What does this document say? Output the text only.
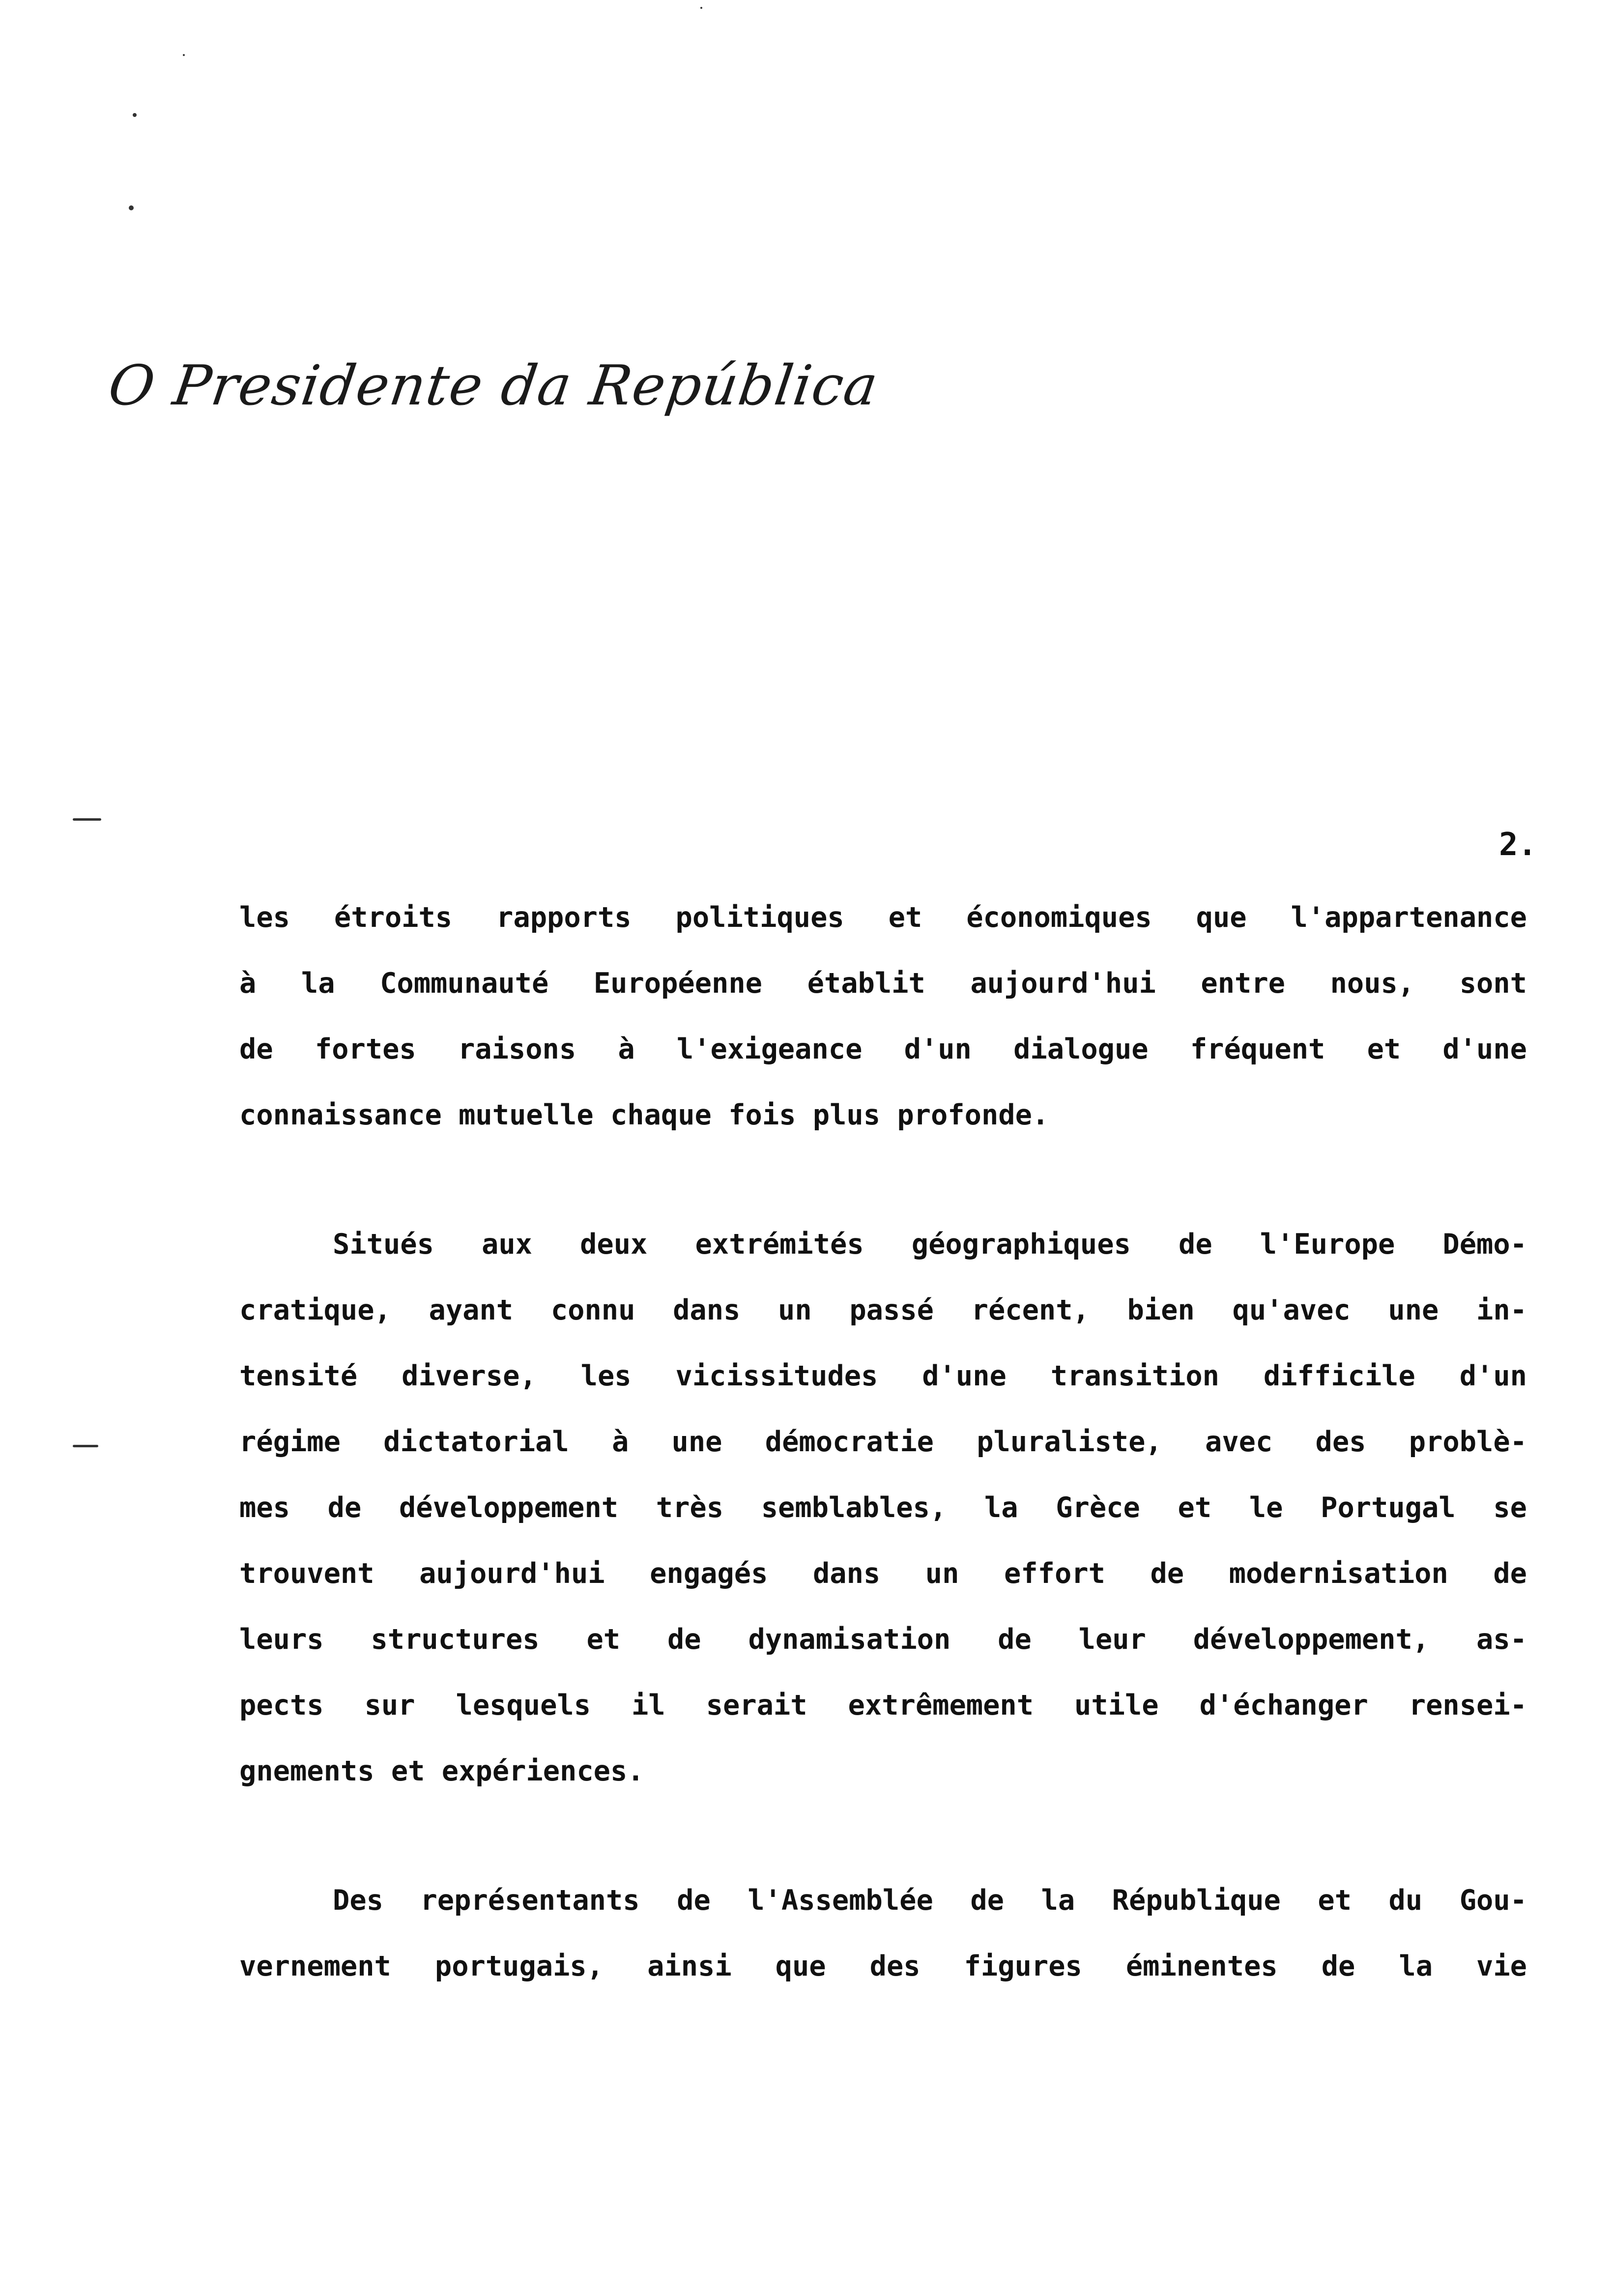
O Presidente da República
2.
les étroits rapports politiques et économiques que l'appartenance
à la Communauté Européenne établit aujourd'hui entre nous, sont
de fortes raisons à l'exigeance d'un dialogue fréquent et d'une
connaissance mutuelle chaque fois plus profonde.
Situés aux deux extrémités géographiques de l'Europe Démo-
cratique, ayant connu dans un passé récent, bien qu'avec une in-
tensité diverse, les vicissitudes d'une transition difficile d'un
régime dictatorial à une démocratie pluraliste, avec des problè-
mes de développement très semblables, la Grèce et le Portugal se
trouvent aujourd'hui engagés dans un effort de modernisation de
leurs structures et de dynamisation de leur développement, as-
pects sur lesquels il serait extrêmement utile d'échanger rensei-
gnements et expériences.
Des représentants de l'Assemblée de la République et du Gou-
vernement portugais, ainsi que des figures éminentes de la vie
